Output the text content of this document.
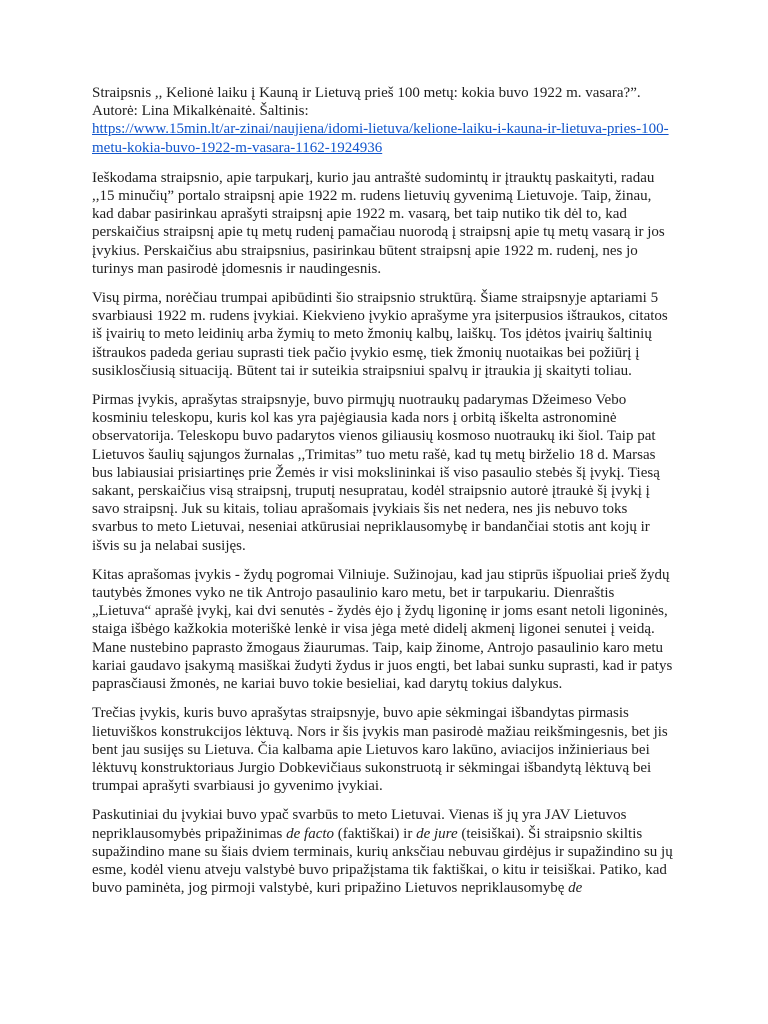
Straipsnis ,, Kelionė laiku į Kauną ir Lietuvą prieš 100 metų: kokia buvo 1922 m. vasara?”.

Autorė: Lina Mikalkėnaitė. Šaltinis:

https://www.15min.lt/ar-zinai/naujiena/idomi-lietuva/kelione-laiku-i-kauna-ir-lietuva-pries-100-metu-kokia-buvo-1922-m-vasara-1162-1924936

Ieškodama straipsnio, apie tarpukarį, kurio jau antraštė sudomintų ir įtrauktų paskaityti, radau ,,15 minučių” portalo straipsnį apie 1922 m. rudens lietuvių gyvenimą Lietuvoje. Taip, žinau, kad dabar pasirinkau aprašyti straipsnį apie 1922 m. vasarą, bet taip nutiko tik dėl to, kad perskaičius straipsnį apie tų metų rudenį pamačiau nuorodą į straipsnį apie tų metų vasarą ir jos įvykius. Perskaičius abu straipsnius, pasirinkau būtent straipsnį apie 1922 m. rudenį, nes jo turinys man pasirodė įdomesnis ir naudingesnis.

Visų pirma, norėčiau trumpai apibūdinti šio straipsnio struktūrą. Šiame straipsnyje aptariami 5 svarbiausi 1922 m. rudens įvykiai. Kiekvieno įvykio aprašyme yra įsiterpusios ištraukos, citatos iš įvairių to meto leidinių arba žymių to meto žmonių kalbų, laiškų. Tos įdėtos įvairių šaltinių ištraukos padeda geriau suprasti tiek pačio įvykio esmę, tiek žmonių nuotaikas bei požiūrį į susiklosčiusią situaciją. Būtent tai ir suteikia straipsniui spalvų ir įtraukia jį skaityti toliau.

Pirmas įvykis, aprašytas straipsnyje, buvo pirmųjų nuotraukų padarymas Džeimeso Vebo kosminiu teleskopu, kuris kol kas yra pajėgiausia kada nors į orbitą iškelta astronominė observatorija. Teleskopu buvo padarytos vienos giliausių kosmoso nuotraukų iki šiol. Taip pat Lietuvos šaulių sąjungos žurnalas ,,Trimitas” tuo metu rašė, kad tų metų birželio 18 d. Marsas bus labiausiai prisiartinęs prie Žemės ir visi mokslininkai iš viso pasaulio stebės šį įvykį. Tiesą sakant, perskaičius visą straipsnį, truputį nesupratau, kodėl straipsnio autorė įtraukė šį įvykį į savo straipsnį. Juk su kitais, toliau aprašomais įvykiais šis net nedera, nes jis nebuvo toks svarbus to meto Lietuvai, neseniai atkūrusiai nepriklausomybę ir bandančiai stotis ant kojų ir išvis su ja nelabai susijęs.

Kitas aprašomas įvykis - žydų pogromai Vilniuje. Sužinojau, kad jau stiprūs išpuoliai prieš žydų tautybės žmones vyko ne tik Antrojo pasaulinio karo metu, bet ir tarpukariu. Dienraštis „Lietuva“ aprašė įvykį, kai dvi senutės - žydės ėjo į žydų ligoninę ir joms esant netoli ligoninės, staiga išbėgo kažkokia moteriškė lenkė ir visa jėga metė didelį akmenį ligonei senutei į veidą. Mane nustebino paprasto žmogaus žiaurumas. Taip, kaip žinome, Antrojo pasaulinio karo metu kariai gaudavo įsakymą masiškai žudyti žydus ir juos engti, bet labai sunku suprasti, kad ir patys paprasčiausi žmonės, ne kariai buvo tokie besieliai, kad darytų tokius dalykus.

Trečias įvykis, kuris buvo aprašytas straipsnyje, buvo apie sėkmingai išbandytas pirmasis lietuviškos konstrukcijos lėktuvą. Nors ir šis įvykis man pasirodė mažiau reikšmingesnis, bet jis bent jau susijęs su Lietuva. Čia kalbama apie Lietuvos karo lakūno, aviacijos inžinieriaus bei lėktuvų konstruktoriaus Jurgio Dobkevičiaus sukonstruotą ir sėkmingai išbandytą lėktuvą bei trumpai aprašyti svarbiausi jo gyvenimo įvykiai.

Paskutiniai du įvykiai buvo ypač svarbūs to meto Lietuvai. Vienas iš jų yra JAV Lietuvos nepriklausomybės pripažinimas de facto (faktiškai) ir de jure (teisiškai). Ši straipsnio skiltis supažindino mane su šiais dviem terminais, kurių anksčiau nebuvau girdėjus ir supažindino su jų esme, kodėl vienu atveju valstybė buvo pripažįstama tik faktiškai, o kitu ir teisiškai. Patiko, kad buvo paminėta, jog pirmoji valstybė, kuri pripažino Lietuvos nepriklausomybę de
